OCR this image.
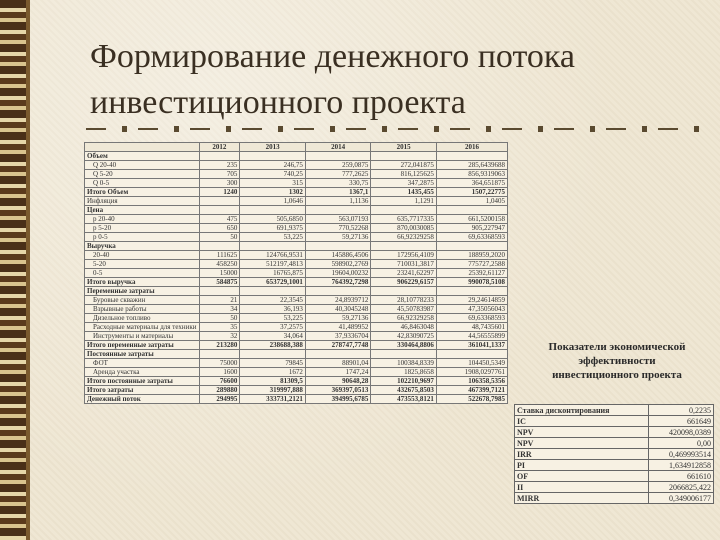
Формирование денежного потока
инвестиционного проекта
	2012	2013	2014	2015	2016
Объем					
Q 20-40	235	246,75	259,0875	272,041875	285,6439688
Q 5-20	705	740,25	777,2625	816,125625	856,9319063
Q 0-5	300	315	330,75	347,2875	364,651875
Итого Объем	1240	1302	1367,1	1435,455	1507,22775
Инфляция		1,0646	1,1136	1,1291	1,0405
Цена					
p 20-40	475	505,6850	563,07193	635,7717335	661,5200158
p 5-20	650	691,9375	770,52268	870,0030085	905,227947
p 0-5	50	53,225	59,27136	66,92329258	69,63368593
Выручка					
20-40	111625	124766,9531	145886,4506	172956,4109	188959,2020
5-20	458250	512197,4813	598902,2769	710031,3817	775727,2588
0-5	15000	16765,875	19604,00232	23241,62297	25392,61127
Итого выручка	584875	653729,1001	764392,7298	906229,6157	990078,5108
Переменные затраты					
Буровые скважин	21	22,3545	24,8939712	28,10778233	29,24614859
Взрывные работы	34	36,193	40,3045248	45,50783987	47,35056043
Дизельное топливо	50	53,225	59,27136	66,92329258	69,63368593
Расходные материалы для техники	35	37,2575	41,489952	46,8463048	48,7435601
Инструменты и материалы	32	34,064	37,9336704	42,83090725	44,56555899
Итого переменные затраты	213280	238688,388	278747,7748	330464,8806	361041,1337
Постоянные затраты					
ФОТ	75000	79845	88901,04	100384,8339	104450,5349
Аренда участка	1600	1672	1747,24	1825,8658	1908,0297761
Итого постоянные затраты	76600	81309,5	90648,28	102210,9697	106358,5356
Итого затраты	289880	319997,888	369397,0513	432675,8503	467399,7121
Денежный поток	294995	333731,2121	394995,6785	473553,8121	522678,7985
Показатели экономической
эффективности
инвестиционного проекта
Ставка дисконтирования	0,2235
IC	661649
NPV	420098,0389
NPV	0,00
IRR	0,469993514
PI	1,634912858
OF	661610
II	2066825,422
MIRR	0,349006177
